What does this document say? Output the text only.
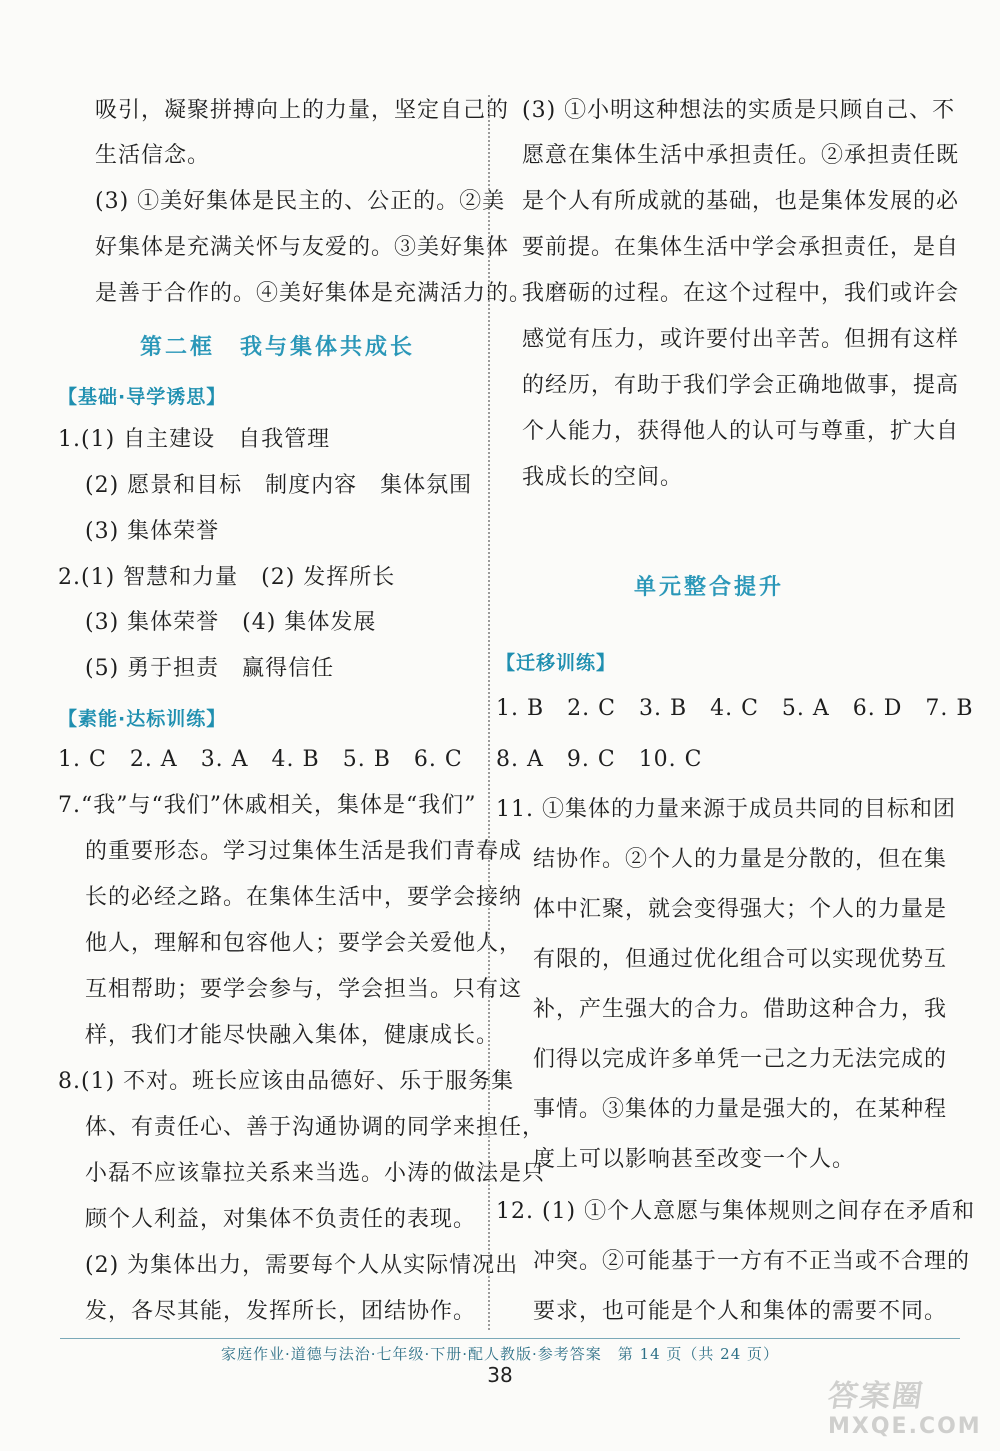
吸引，凝聚拼搏向上的力量，坚定自己的
生活信念。
(3) ①美好集体是民主的、公正的。②美
好集体是充满关怀与友爱的。③美好集体
是善于合作的。④美好集体是充满活力的。
第二框　我与集体共成长
【基础·导学诱思】
1.(1) 自主建设　自我管理
(2) 愿景和目标　制度内容　集体氛围
(3) 集体荣誉
2.(1) 智慧和力量　(2) 发挥所长
(3) 集体荣誉　(4) 集体发展
(5) 勇于担责　赢得信任
【素能·达标训练】
1. C　2. A　3. A　4. B　5. B　6. C
7.“我”与“我们”休戚相关，集体是“我们”
的重要形态。学习过集体生活是我们青春成
长的必经之路。在集体生活中，要学会接纳
他人，理解和包容他人；要学会关爱他人，
互相帮助；要学会参与，学会担当。只有这
样，我们才能尽快融入集体，健康成长。
8.(1) 不对。班长应该由品德好、乐于服务集
体、有责任心、善于沟通协调的同学来担任，
小磊不应该靠拉关系来当选。小涛的做法是只
顾个人利益，对集体不负责任的表现。
(2) 为集体出力，需要每个人从实际情况出
发，各尽其能，发挥所长，团结协作。
(3) ①小明这种想法的实质是只顾自己、不
愿意在集体生活中承担责任。②承担责任既
是个人有所成就的基础，也是集体发展的必
要前提。在集体生活中学会承担责任，是自
我磨砺的过程。在这个过程中，我们或许会
感觉有压力，或许要付出辛苦。但拥有这样
的经历，有助于我们学会正确地做事，提高
个人能力，获得他人的认可与尊重，扩大自
我成长的空间。
单元整合提升
【迁移训练】
1. B　2. C　3. B　4. C　5. A　6. D　7. B
8. A　9. C　10. C
11. ①集体的力量来源于成员共同的目标和团
结协作。②个人的力量是分散的，但在集
体中汇聚，就会变得强大；个人的力量是
有限的，但通过优化组合可以实现优势互
补，产生强大的合力。借助这种合力，我
们得以完成许多单凭一己之力无法完成的
事情。③集体的力量是强大的，在某种程
度上可以影响甚至改变一个人。
12. (1) ①个人意愿与集体规则之间存在矛盾和
冲突。②可能基于一方有不正当或不合理的
要求，也可能是个人和集体的需要不同。
家庭作业·道德与法治·七年级·下册·配人教版·参考答案　第 14 页（共 24 页）
38
答案圈
MXQE.COM
